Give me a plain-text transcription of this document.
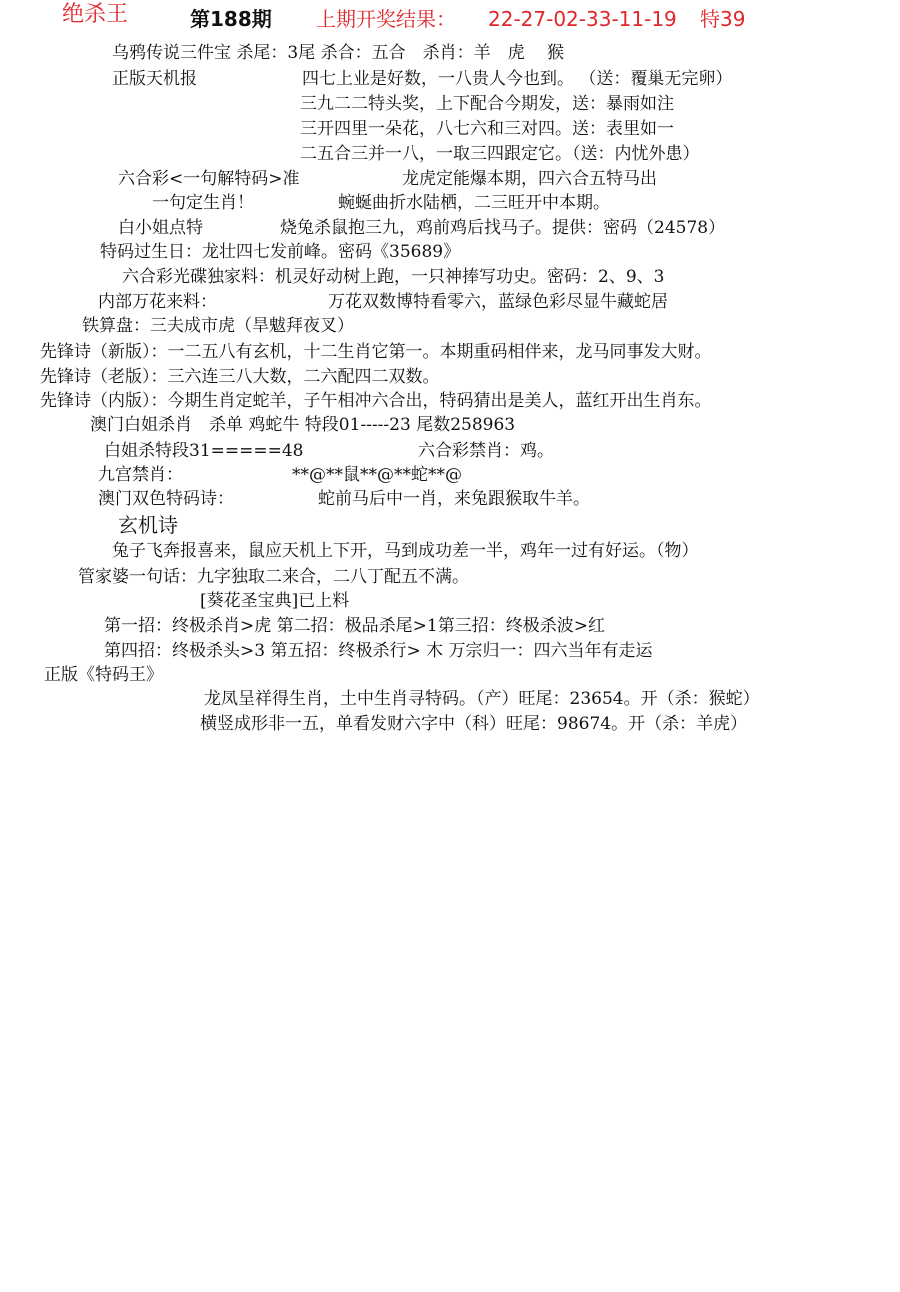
绝杀王	第188期 上期开奖结果： 22-27-02-33-11-19 特39
乌鸦传说三件宝 杀尾：3尾 杀合：五合　杀肖：羊　虎　 猴
正版天机报	四七上业是好数，一八贵人今也到。 （送：覆巢无完卵）
三九二二特头奖，上下配合今期发，送：暴雨如注
三开四里一朵花，八七六和三对四。送：表里如一
二五合三并一八，一取三四跟定它。（送：内忧外患）
六合彩<一句解特码>准	龙虎定能爆本期，四六合五特马出
一句定生肖！	蜿蜒曲折水陆栖，二三旺开中本期。
白小姐点特	烧兔杀鼠抱三九，鸡前鸡后找马子。提供：密码（24578）
特码过生日：龙壮四七发前峰。密码《35689》
六合彩光碟独家料：机灵好动树上跑，一只神捧写功史。密码：2、9、3
内部万花来料：	万花双数博特看零六，蓝绿色彩尽显牛藏蛇居
铁算盘：三夫成市虎（旱魃拜夜叉）
先锋诗（新版）：一二五八有玄机，十二生肖它第一。本期重码相伴来，龙马同事发大财。
先锋诗（老版）：三六连三八大数，二六配四二双数。
先锋诗（内版）：今期生肖定蛇羊，子午相冲六合出，特码猜出是美人，蓝红开出生肖东。
澳门白姐杀肖　杀单 鸡蛇牛 特段01-----23 尾数258963
白姐杀特段31=====48	六合彩禁肖：鸡。
九宫禁肖：	**@**鼠**@**蛇**@
澳门双色特码诗：	蛇前马后中一肖，来兔跟猴取牛羊。
玄机诗
兔子飞奔报喜来，鼠应天机上下开，马到成功差一半，鸡年一过有好运。（物）
管家婆一句话：九字独取二来合，二八丁配五不满。
[葵花圣宝典]已上料
第一招：终极杀肖>虎 第二招：极品杀尾>1第三招：终极杀波>红
第四招：终极杀头>3 第五招：终极杀行> 木 万宗归一：四六当年有走运
正版《特码王》
龙凤呈祥得生肖，土中生肖寻特码。（产）旺尾：23654。开（杀：猴蛇）
横竖成形非一五，单看发财六字中（科）旺尾：98674。开（杀：羊虎）
